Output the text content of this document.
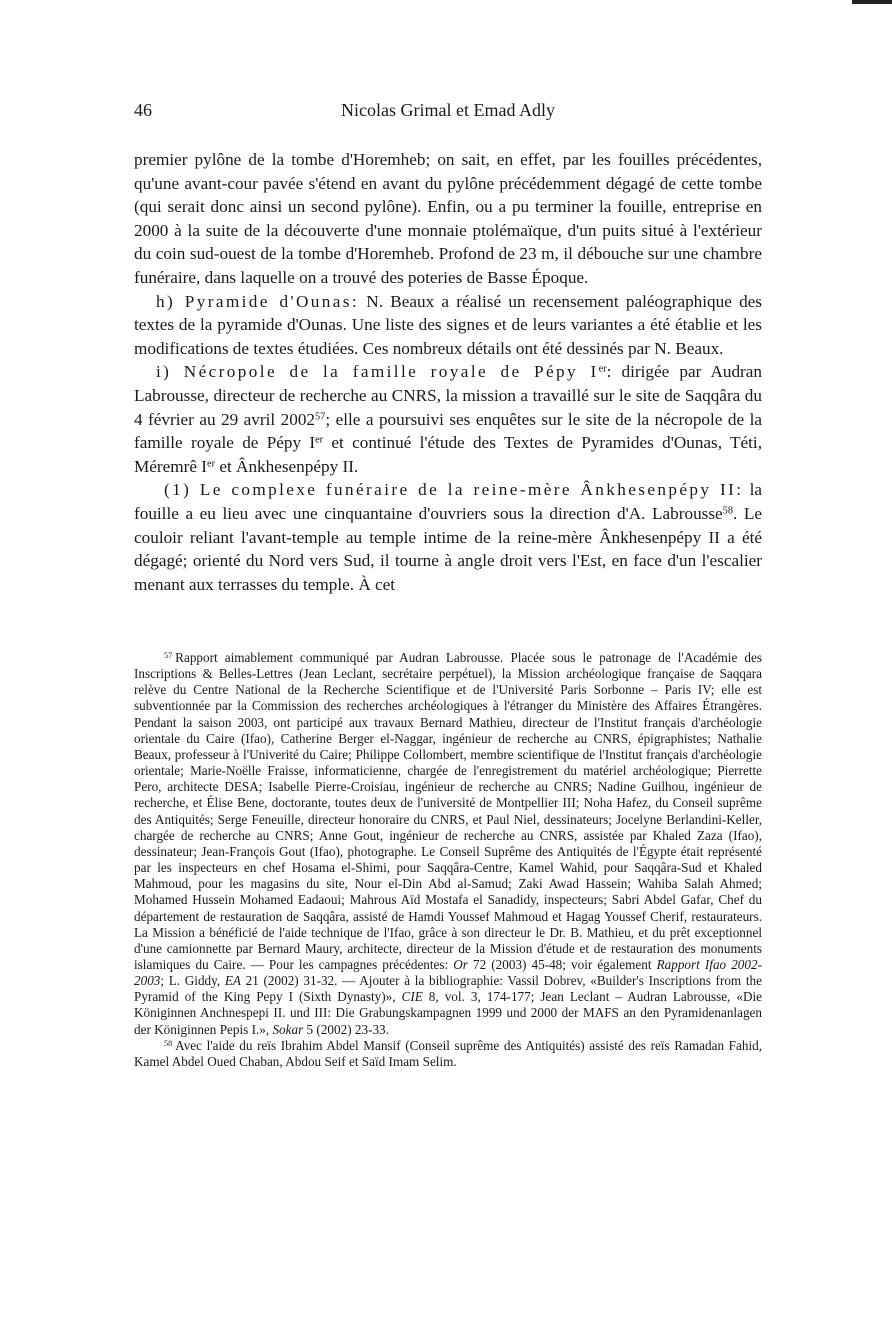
46	Nicolas Grimal et Emad Adly

premier pylône de la tombe d'Horemheb; on sait, en effet, par les fouilles précédentes, qu'une avant-cour pavée s'étend en avant du pylône précédemment dégagé de cette tombe (qui serait donc ainsi un second pylône). Enfin, ou a pu terminer la fouille, entreprise en 2000 à la suite de la découverte d'une monnaie ptolémaïque, d'un puits situé à l'extérieur du coin sud-ouest de la tombe d'Horemheb. Profond de 23 m, il débouche sur une chambre funéraire, dans laquelle on a trouvé des poteries de Basse Époque.

h) Pyramide d'Ounas: N. Beaux a réalisé un recensement paléographique des textes de la pyramide d'Ounas. Une liste des signes et de leurs variantes a été établie et les modifications de textes étudiées. Ces nombreux détails ont été dessinés par N. Beaux.

i) Nécropole de la famille royale de Pépy Ier: dirigée par Audran Labrousse, directeur de recherche au CNRS, la mission a travaillé sur le site de Saqqâra du 4 février au 29 avril 2002$^{57}$; elle a poursuivi ses enquêtes sur le site de la nécropole de la famille royale de Pépy Ier et continué l'étude des Textes de Pyramides d'Ounas, Téti, Méremrê Ier et Ânkhesenpépy II.

(1) Le complexe funéraire de la reine-mère Ânkhesenpépy II: la fouille a eu lieu avec une cinquantaine d'ouvriers sous la direction d'A. Labrousse$^{58}$. Le couloir reliant l'avant-temple au temple intime de la reine-mère Ânkhesenpépy II a été dégagé; orienté du Nord vers Sud, il tourne à angle droit vers l'Est, en face d'un l'escalier menant aux terrasses du temple. À cet

$^{57}$ Rapport aimablement communiqué par Audran Labrousse. Placée sous le patronage de l'Académie des Inscriptions & Belles-Lettres (Jean Leclant, secrétaire perpétuel), la Mission archéologique française de Saqqara relève du Centre National de la Recherche Scientifique et de l'Université Paris Sorbonne – Paris IV; elle est subventionnée par la Commission des recherches archéologiques à l'étranger du Ministère des Affaires Étrangères. Pendant la saison 2003, ont participé aux travaux Bernard Mathieu, directeur de l'Institut français d'archéologie orientale du Caire (Ifao), Catherine Berger el-Naggar, ingénieur de recherche au CNRS, épigraphistes; Nathalie Beaux, professeur à l'Univerité du Caire; Philippe Collombert, membre scientifique de l'Institut français d'archéologie orientale; Marie-Noëlle Fraisse, informaticienne, chargée de l'enregistrement du matériel archéologique; Pierrette Pero, architecte DESA; Isabelle Pierre-Croisiau, ingénieur de recherche au CNRS; Nadine Guilhou, ingénieur de recherche, et Élise Bene, doctorante, toutes deux de l'université de Montpellier III; Noha Hafez, du Conseil suprême des Antiquités; Serge Feneuille, directeur honoraire du CNRS, et Paul Niel, dessinateurs; Jocelyne Berlandini-Keller, chargée de recherche au CNRS; Anne Gout, ingénieur de recherche au CNRS, assistée par Khaled Zaza (Ifao), dessinateur; Jean-François Gout (Ifao), photographe. Le Conseil Suprême des Antiquités de l'Égypte était représenté par les inspecteurs en chef Hosama el-Shimi, pour Saqqâra-Centre, Kamel Wahid, pour Saqqâra-Sud et Khaled Mahmoud, pour les magasins du site, Nour el-Din Abd al-Samud; Zaki Awad Hassein; Wahiba Salah Ahmed; Mohamed Hussein Mohamed Eadaoui; Mahrous Aïd Mostafa el Sanadidy, inspecteurs; Sabri Abdel Gafar, Chef du département de restauration de Saqqâra, assisté de Hamdi Youssef Mahmoud et Hagag Youssef Cherif, restaurateurs. La Mission a bénéficié de l'aide technique de l'Ifao, grâce à son directeur le Dr. B. Mathieu, et du prêt exceptionnel d'une camionnette par Bernard Maury, architecte, directeur de la Mission d'étude et de restauration des monuments islamiques du Caire. — Pour les campagnes précédentes: Or 72 (2003) 45-48; voir également Rapport Ifao 2002-2003; L. Giddy, EA 21 (2002) 31-32. — Ajouter à la bibliographie: Vassil Dobrev, «Builder's Inscriptions from the Pyramid of the King Pepy I (Sixth Dynasty)», CIE 8, vol. 3, 174-177; Jean Leclant – Audran Labrousse, «Die Königinnen Anchnespepi II. und III: Die Grabungskampagnen 1999 und 2000 der MAFS an den Pyramidenanlagen der Königinnen Pepis I.», Sokar 5 (2002) 23-33.

$^{58}$ Avec l'aide du reïs Ibrahim Abdel Mansif (Conseil suprême des Antiquités) assisté des reïs Ramadan Fahid, Kamel Abdel Oued Chaban, Abdou Seif et Saïd Imam Selim.
